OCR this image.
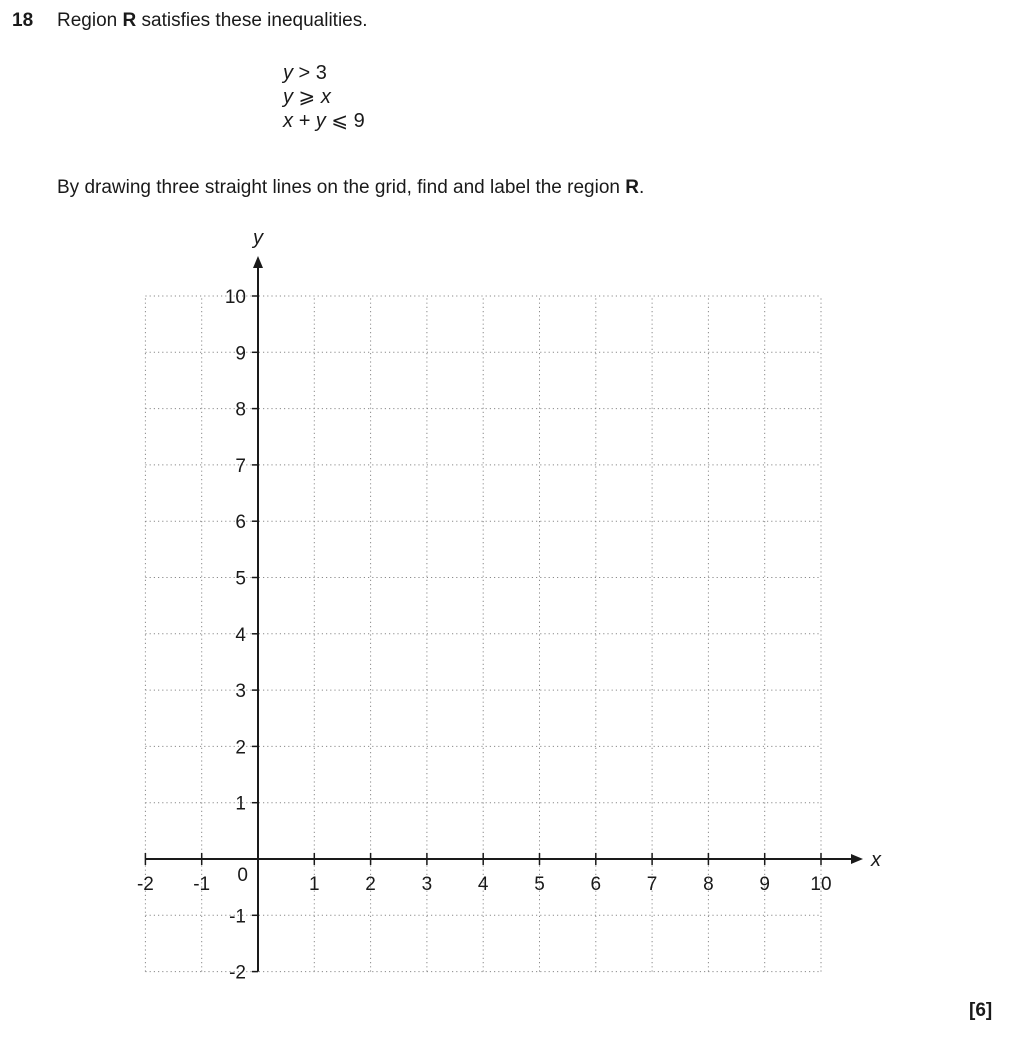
18 Region R satisfies these inequalities.
y > 3
y ⩾ x
x + y ⩽ 9
By drawing three straight lines on the grid, find and label the region R.
x
y
-2 -1	1 2 3 4 5 6 7 8 9 10
-2
-1
1
2
3
4
5
6
7
8
9
10
0
[6]
